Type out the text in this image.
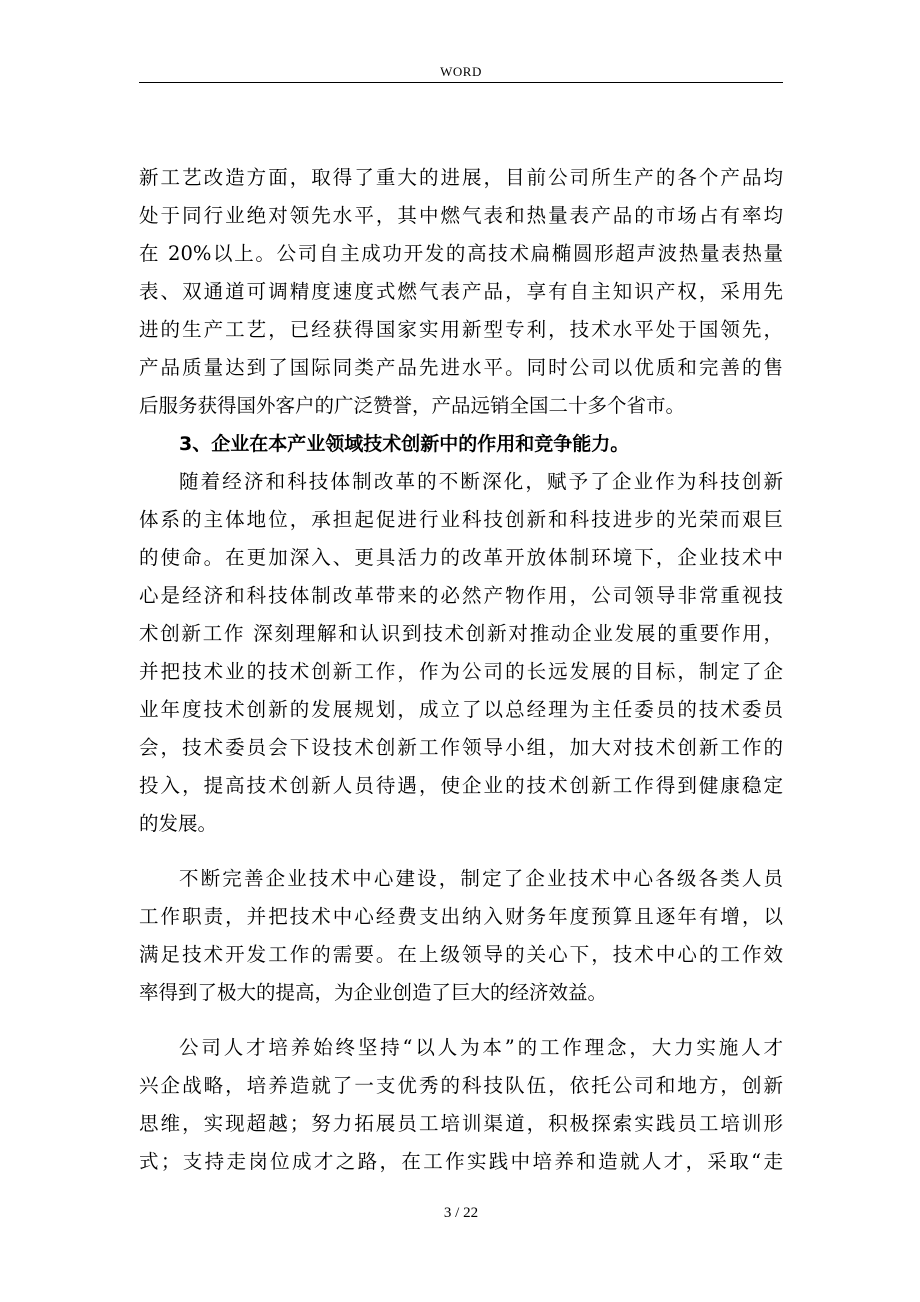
WORD
新工艺改造方面，取得了重大的进展，目前公司所生产的各个产品均
处于同行业绝对领先水平，其中燃气表和热量表产品的市场占有率均
在 20%以上。公司自主成功开发的高技术扁椭圆形超声波热量表热量
表、双通道可调精度速度式燃气表产品，享有自主知识产权，采用先
进的生产工艺，已经获得国家实用新型专利，技术水平处于国领先，
产品质量达到了国际同类产品先进水平。同时公司以优质和完善的售
后服务获得国外客户的广泛赞誉，产品远销全国二十多个省市。
3、企业在本产业领域技术创新中的作用和竞争能力。
随着经济和科技体制改革的不断深化，赋予了企业作为科技创新
体系的主体地位，承担起促进行业科技创新和科技进步的光荣而艰巨
的使命。在更加深入、更具活力的改革开放体制环境下，企业技术中
心是经济和科技体制改革带来的必然产物作用，公司领导非常重视技
术创新工作 深刻理解和认识到技术创新对推动企业发展的重要作用，
并把技术业的技术创新工作，作为公司的长远发展的目标，制定了企
业年度技术创新的发展规划，成立了以总经理为主任委员的技术委员
会，技术委员会下设技术创新工作领导小组，加大对技术创新工作的
投入，提高技术创新人员待遇，使企业的技术创新工作得到健康稳定
的发展。
不断完善企业技术中心建设，制定了企业技术中心各级各类人员
工作职责，并把技术中心经费支出纳入财务年度预算且逐年有增，以
满足技术开发工作的需要。在上级领导的关心下，技术中心的工作效
率得到了极大的提高，为企业创造了巨大的经济效益。
公司人才培养始终坚持“以人为本”的工作理念，大力实施人才
兴企战略，培养造就了一支优秀的科技队伍，依托公司和地方，创新
思维，实现超越；努力拓展员工培训渠道，积极探索实践员工培训形
式；支持走岗位成才之路，在工作实践中培养和造就人才，采取“走
3 / 22
